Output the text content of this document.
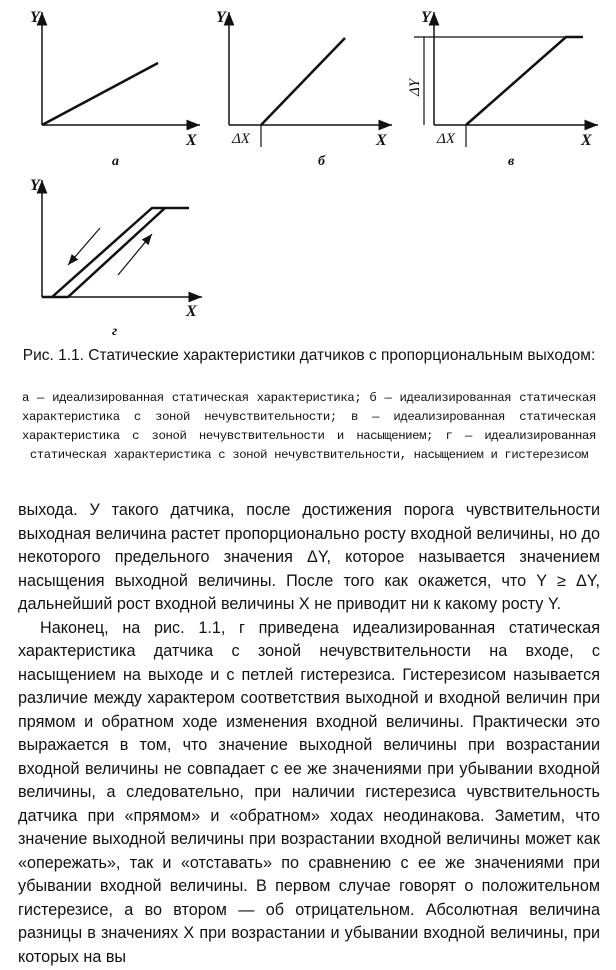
Y
X
а
Y
X
ΔX
б
Y
X
ΔX
ΔY
в
Y
X
г

Рис. 1.1. Статические характеристики датчиков с пропорциональным выходом:

а — идеализированная статическая характеристика; б — идеализированная статическая характеристика с зоной нечувствительности; в — идеализированная статическая характеристика с зоной нечувствительности и насыщением; г — идеализированная статическая характеристика с зоной нечувствительности, насыщением и гистерезисом

выхода. У такого датчика, после достижения порога чувствительности выходная величина растет пропорционально росту входной величины, но до некоторого предельного значения ΔY, которое называется значением насыщения выходной величины. После того как окажется, что Y ≥ ΔY, дальнейший рост входной величины X не приводит ни к какому росту Y.

Наконец, на рис. 1.1, г приведена идеализированная статическая характеристика датчика с зоной нечувствительности на входе, с насыщением на выходе и с петлей гистерезиса. Гистерезисом называется различие между характером соответствия выходной и входной величин при прямом и обратном ходе изменения входной величины. Практически это выражается в том, что значение выходной величины при возрастании входной величины не совпадает с ее же значениями при убывании входной величины, а следовательно, при наличии гистерезиса чувствительность датчика при «прямом» и «обратном» ходах неодинакова. Заметим, что значение выходной величины при возрастании входной величины может как «опережать», так и «отставать» по сравнению с ее же значениями при убывании входной величины. В первом случае говорят о положительном гистерезисе, а во втором — об отрицательном. Абсолютная величина разницы в значениях X при возрастании и убывании входной величины, при которых на вы
